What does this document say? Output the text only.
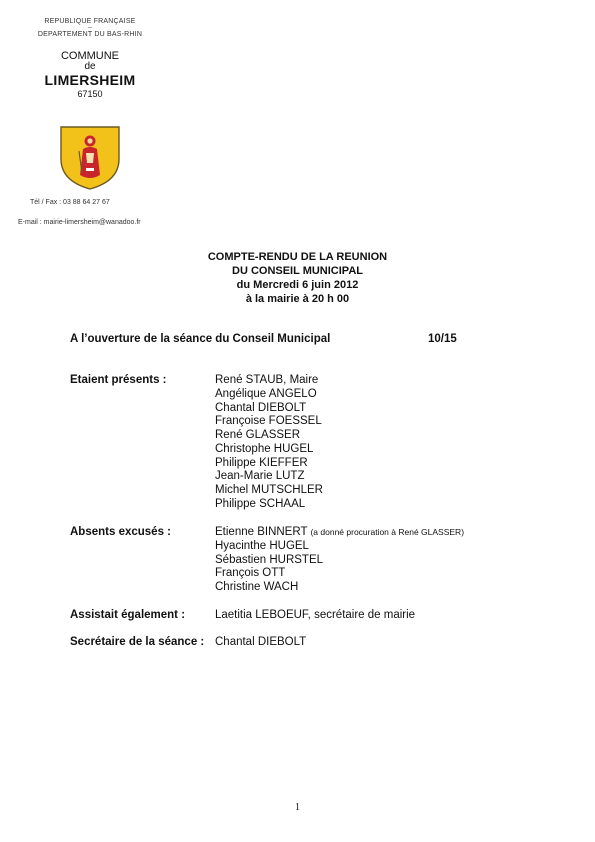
REPUBLIQUE FRANÇAISE
–
DEPARTEMENT DU BAS-RHIN
COMMUNE
de
LIMERSHEIM
67150
Tél / Fax : 03 88 64 27 67
E-mail : mairie-limersheim@wanadoo.fr
COMPTE-RENDU DE LA REUNION
DU CONSEIL MUNICIPAL
du Mercredi 6 juin 2012
à la mairie à 20 h 00
A l’ouverture de la séance du Conseil Municipal	10/15
Etaient présents :	René STAUB, Maire
Angélique ANGELO
Chantal DIEBOLT
Françoise FOESSEL
René GLASSER
Christophe HUGEL
Philippe KIEFFER
Jean-Marie LUTZ
Michel MUTSCHLER
Philippe SCHAAL
Absents excusés :	Etienne BINNERT (a donné procuration à René GLASSER)
Hyacinthe HUGEL
Sébastien HURSTEL
François OTT
Christine WACH
Assistait également :	Laetitia LEBOEUF, secrétaire de mairie
Secrétaire de la séance : Chantal DIEBOLT
1
